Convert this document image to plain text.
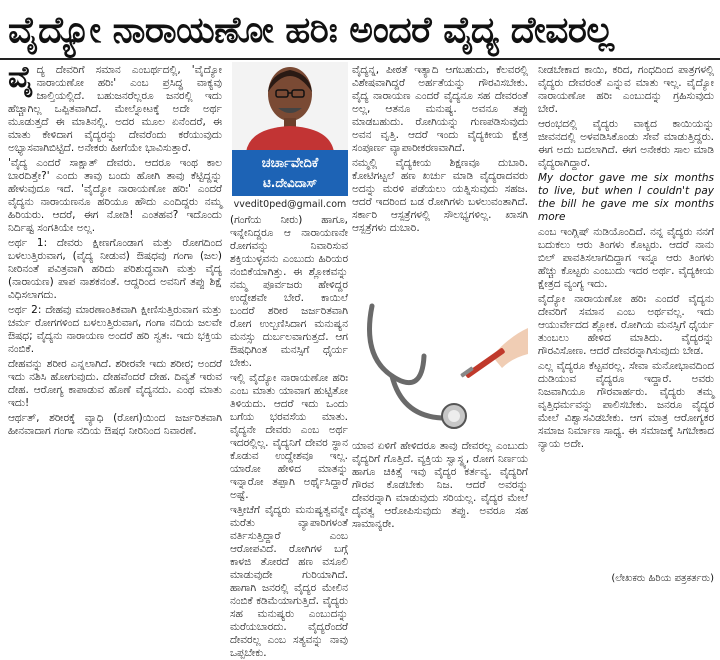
ವೈದ್ಯೋ ನಾರಾಯಣೋ ಹರಿಃ ಅಂದರೆ ವೈದ್ಯ ದೇವರಲ್ಲ
ವೈ ದ್ಯ ದೇವರಿಗೆ ಸಮಾನ ಎಂಬರ್ಥದಲ್ಲಿ, 'ವೈದ್ಯೋ ನಾರಾಯಣೋ ಹರಿಃ' ಎಂಬ ಪ್ರಸಿದ್ಧ ವಾಕ್ಯವು ಜಾಲ್ತಿಯಲ್ಲಿದೆ. ಬಹುಜನರೆಲ್ಲರೂ ಜನರಲ್ಲಿ ಇದು ಹೆಚ್ಚಾಗಿಲ್ಲ ಒಪ್ಪಿತವಾಗಿದೆ. ಮೇಲ್ನೋಟಕ್ಕೆ ಅದೇ ಅರ್ಥ ಮೂಡುತ್ತದೆ ಈ ಮಾತಿನಲ್ಲಿ. ಅದರ ಮೂಲ ಏನೆಂದರೆ, ಈ ಮಾತು ಕೇಳಿದಾಗ ವೈದ್ಯರನ್ನು ದೇವರೆಂದು ಕರೆಯುವುದು ಅಭ್ಯಾಸವಾಗಿಬಿಟ್ಟಿದೆ. ಅನೇಕರು ಹೀಗೆಯೇ ಭಾವಿಸುತ್ತಾರೆ.

'ವೈದ್ಯ ಎಂದರೆ ಸಾಕ್ಷಾತ್ ದೇವರು. ಆದರೂ ಇಂಥ ಕಾಲ ಬಾರದಿತ್ತೇ?' ಎಂದು ತಾವು ಬಂದು ಹೋಗಿ ತಾವು ಕೆಟ್ಟಿದ್ದನ್ನು ಹೇಳುವುದೂ ಇದೆ. 'ವೈದ್ಯೋ ನಾರಾಯಣೋ ಹರಿಃ' ಎಂದರೆ ವೈದ್ಯನು ನಾರಾಯಣನೂ ಹರಿಯೂ ಹೌದು ಎಂದಿದ್ದರು ನಮ್ಮ ಹಿರಿಯರು. ಆದರೆ, ಈಗ ನೋಡಿ! ಎಂತಹವ? ಇದೊಂದು ನಿರ್ದಿಷ್ಟ ಸಂಗತಿಯೇ ಅಲ್ಲ.

ಅರ್ಥ 1: ದೇವರು ಕ್ಷೀಣಗೊಂಡಾಗ ಮತ್ತು ರೋಗದಿಂದ ಬಳಲುತ್ತಿರುವಾಗ, (ವೈದ್ಯ ನೀಡುವ) ಔಷಧವು ಗಂಗಾ (ಜಲ) ನೀರಿನಂತೆ ಪವಿತ್ರವಾಗಿ ಹರಿದು ಪರಿಶುದ್ಧವಾಗಿ ಮತ್ತು ವೈದ್ಯ (ನಾರಾಯಣ) ಪಾಪ ನಾಶಕನಂತೆ. ಆದ್ದರಿಂದ ಅವನಿಗೆ ತಪ್ಪು ಶಿಕ್ಷೆ ವಿಧಿಸಲಾಗದು.

ಅರ್ಥ 2: ದೇಹವು ಮಾರಣಾಂತಿಕವಾಗಿ ಕ್ಷೀಣಿಸುತ್ತಿರುವಾಗ ಮತ್ತು ಚರ್ಮ ರೋಗಗಳಿಂದ ಬಳಲುತ್ತಿರುವಾಗ, ಗಂಗಾ ನದಿಯ ಜಲವೇ ಔಷಧ; ವೈದ್ಯನು ನಾರಾಯಣ ಅಂದರೆ ಹರಿ ಸ್ವತಃ. ಇದು ಭಕ್ತಿಯ ನಂಬಿಕೆ.

ದೇಹವನ್ನು ಶರೀರ ಎನ್ನಲಾಗಿದೆ. ಶರೀರವೇ ಇದು ಶರೀರ; ಅಂದರೆ ಇದು ನಶಿಸಿ ಹೋಗುವುದು. ದೇಹವೆಂದರೆ ದೇಹ. ದಿವ್ಯತೆ ಇರುವ ದೇಹ. ಆರೋಗ್ಯ ಕಾಪಾಡುವ ಹೊಣೆ ವೈದ್ಯನದು. ಎಂಥ ಮಾತು ಇದು!

ಆರ್ಥತ್, ಶರೀರಕ್ಕೆ ವ್ಯಾಧಿ (ರೋಗ)ಯಿಂದ ಜರ್ಜರಿತವಾಗಿ ಹೀನವಾದಾಗ ಗಂಗಾ ನದಿಯ ಔಷಧ ನೀರಿನಿಂದ ನಿವಾರಣೆ.

ಚರ್ಚಾವೇದಿಕೆ
ಟಿ.ದೇವಿದಾಸ್
vvedit0ped@gmail.com

(ಗಂಗೆಯ ನೀರು) ಹಾಗೂ, ಇನ್ನೇನಿದ್ದರೂ ಆ ನಾರಾಯಣನೇ ರೋಗವನ್ನು ನಿವಾರಿಸುವ ಶಕ್ತಿಯುಳ್ಳವನು ಎಂಬುದು ಹಿರಿಯರ ನಂಬಿಕೆಯಾಗಿತ್ತು. ಈ ಶ್ಲೋಕವನ್ನು ನಮ್ಮ ಪೂರ್ವಜರು ಹೇಳಿದ್ದರ ಉದ್ದೇಶವೇ ಬೇರೆ. ಕಾಯಿಲೆ ಬಂದರೆ ಶರೀರ ಜರ್ಜರಿತವಾಗಿ ರೋಗ ಉಲ್ಬಣಿಸಿದಾಗ ಮನುಷ್ಯನ ಮನಸ್ಸು ದುರ್ಬಲವಾಗುತ್ತದೆ. ಆಗ ಔಷಧಿಗಿಂತ ಮನಸ್ಸಿಗೆ ಧೈರ್ಯ ಬೇಕು.

ಇಲ್ಲಿ ವೈದ್ಯೋ ನಾರಾಯಣೋ ಹರಿಃ ಎಂಬ ಮಾತು ಯಾವಾಗ ಹುಟ್ಟಿತೋ ತಿಳಿಯದು. ಆದರೆ ಇದು ಒಂದು ಬಗೆಯ ಭರವಸೆಯ ಮಾತು. ವೈದ್ಯನೇ ದೇವರು ಎಂಬ ಅರ್ಥ ಇದರಲ್ಲಿಲ್ಲ. ವೈದ್ಯನಿಗೆ ದೇವರ ಸ್ಥಾನ ಕೊಡುವ ಉದ್ದೇಶವೂ ಇಲ್ಲ. ಯಾರೋ ಹೇಳಿದ ಮಾತನ್ನು ಇನ್ನಾರೋ ತಪ್ಪಾಗಿ ಅರ್ಥೈಸಿದ್ದಾರೆ ಅಷ್ಟೆ.

ಇತ್ತೀಚೆಗೆ ವೈದ್ಯರು ಮನುಷ್ಯತ್ವವನ್ನೇ ಮರೆತು ವ್ಯಾಪಾರಿಗಳಂತೆ ವರ್ತಿಸುತ್ತಿದ್ದಾರೆ ಎಂಬ ಆರೋಪವಿದೆ. ರೋಗಿಗಳ ಬಗ್ಗೆ ಕಾಳಜಿ ತೋರದೆ ಹಣ ವಸೂಲಿ ಮಾಡುವುದೇ ಗುರಿಯಾಗಿದೆ. ಹಾಗಾಗಿ ಜನರಲ್ಲಿ ವೈದ್ಯರ ಮೇಲಿನ ನಂಬಿಕೆ ಕಡಿಮೆಯಾಗುತ್ತಿದೆ. ವೈದ್ಯರು ಸಹ ಮನುಷ್ಯರು ಎಂಬುದನ್ನು ಮರೆಯಬಾರದು. ವೈದ್ಯರೆಂದರೆ ದೇವರಲ್ಲ ಎಂಬ ಸತ್ಯವನ್ನು ನಾವು ಒಪ್ಪಬೇಕು.

ವೈದ್ಯನ್ನ, ಪೀಠತೆ ಇತ್ಯಾದಿ ಆಗಬಹುದು, ಕೆಲವರಲ್ಲಿ ವಿಶೇಷವಾಗಿದ್ದರೆ ಅರ್ಹತೆಯನ್ನು ಗೌರವಿಸಬೇಕು. ವೈದ್ಯ ನಾರಾಯಣ ಎಂದರೆ ವೈದ್ಯನೂ ಸಹ ದೇವರಂತೆ ಅಲ್ಲ, ಆತನೂ ಮನುಷ್ಯ. ಅವನೂ ತಪ್ಪು ಮಾಡಬಹುದು. ರೋಗಿಯನ್ನು ಗುಣಪಡಿಸುವುದು ಅವನ ವೃತ್ತಿ. ಆದರೆ ಇಂದು ವೈದ್ಯಕೀಯ ಕ್ಷೇತ್ರ ಸಂಪೂರ್ಣ ವ್ಯಾಪಾರೀಕರಣವಾಗಿದೆ.

ನಮ್ಮಲ್ಲಿ ವೈದ್ಯಕೀಯ ಶಿಕ್ಷಣವೂ ದುಬಾರಿ. ಕೋಟಿಗಟ್ಟಲೆ ಹಣ ಖರ್ಚು ಮಾಡಿ ವೈದ್ಯರಾದವರು ಅದನ್ನು ಮರಳಿ ಪಡೆಯಲು ಯತ್ನಿಸುವುದು ಸಹಜ. ಆದರೆ ಇದರಿಂದ ಬಡ ರೋಗಿಗಳು ಬಳಲುವಂತಾಗಿದೆ. ಸರ್ಕಾರಿ ಆಸ್ಪತ್ರೆಗಳಲ್ಲಿ ಸೌಲಭ್ಯಗಳಿಲ್ಲ. ಖಾಸಗಿ ಆಸ್ಪತ್ರೆಗಳು ದುಬಾರಿ.

ಯಾವ ಏಳಿಗೆ ಹೇಳಿದರೂ ತಾವು ದೇವರಲ್ಲ ಎಂಬುದು ವೈದ್ಯರಿಗೆ ಗೊತ್ತಿದೆ. ವ್ಯಕ್ತಿಯ ಸ್ವಾಸ್ಥ್ಯ, ರೋಗ ನಿರ್ಣಯ ಹಾಗೂ ಚಿಕಿತ್ಸೆ ಇವು ವೈದ್ಯರ ಕರ್ತವ್ಯ. ವೈದ್ಯರಿಗೆ ಗೌರವ ಕೊಡಬೇಕು ನಿಜ. ಆದರೆ ಅವರನ್ನು ದೇವರನ್ನಾಗಿ ಮಾಡುವುದು ಸರಿಯಲ್ಲ. ವೈದ್ಯರ ಮೇಲೆ ದೈವತ್ವ ಆರೋಪಿಸುವುದು ತಪ್ಪು. ಅವರೂ ಸಹ ಸಾಮಾನ್ಯರೇ.

ನೀಡಬೇಕಾದ ಕಾಯಿ, ಕರಿದ, ಗಂಧದಿಂದ ಪಾತ್ರಗಳಲ್ಲಿ ವೈದ್ಯರು ದೇವರಂತೆ ಎನ್ನುವ ಮಾತು ಇಲ್ಲ. ವೈದ್ಯೋ ನಾರಾಯಣೋ ಹರಿಃ ಎಂಬುದನ್ನು ಗ್ರಹಿಸುವುದು ಬೇರೆ.

ಆರಂಭದಲ್ಲಿ ವೈದ್ಯರು ವಾಕ್ಯದ ಕಾಯಿಯನ್ನು ಜೀವನದಲ್ಲಿ ಅಳವಡಿಸಿಕೊಂಡು ಸೇವೆ ಮಾಡುತ್ತಿದ್ದರು. ಈಗ ಅದು ಬದಲಾಗಿದೆ. ಈಗ ಅನೇಕರು ಸಾಲ ಮಾಡಿ ವೈದ್ಯರಾಗಿದ್ದಾರೆ.

My doctor gave me six months to live, but when I couldn't pay the bill he gave me six months more

ಎಂಬ ಇಂಗ್ಲಿಷ್ ನುಡಿಯೊಂದಿದೆ. ನನ್ನ ವೈದ್ಯರು ನನಗೆ ಬದುಕಲು ಆರು ತಿಂಗಳು ಕೊಟ್ಟರು. ಆದರೆ ನಾನು ಬಿಲ್ ಪಾವತಿಸಲಾಗದಿದ್ದಾಗ ಇನ್ನೂ ಆರು ತಿಂಗಳು ಹೆಚ್ಚು ಕೊಟ್ಟರು ಎಂಬುದು ಇದರ ಅರ್ಥ. ವೈದ್ಯಕೀಯ ಕ್ಷೇತ್ರದ ವ್ಯಂಗ್ಯ ಇದು.

ವೈದ್ಯೋ ನಾರಾಯಣೋ ಹರಿಃ ಎಂದರೆ ವೈದ್ಯನು ದೇವರಿಗೆ ಸಮಾನ ಎಂಬ ಅರ್ಥವಲ್ಲ. ಇದು ಆಯುರ್ವೇದದ ಶ್ಲೋಕ. ರೋಗಿಯ ಮನಸ್ಸಿಗೆ ಧೈರ್ಯ ತುಂಬಲು ಹೇಳಿದ ಮಾತಿದು. ವೈದ್ಯರನ್ನು ಗೌರವಿಸೋಣ. ಆದರೆ ದೇವರನ್ನಾಗಿಸುವುದು ಬೇಡ.

ಎಲ್ಲ ವೈದ್ಯರೂ ಕೆಟ್ಟವರಲ್ಲ. ಸೇವಾ ಮನೋಭಾವದಿಂದ ದುಡಿಯುವ ವೈದ್ಯರೂ ಇದ್ದಾರೆ. ಅವರು ನಿಜವಾಗಿಯೂ ಗೌರವಾರ್ಹರು. ವೈದ್ಯರು ತಮ್ಮ ವೃತ್ತಿಧರ್ಮವನ್ನು ಪಾಲಿಸಬೇಕು. ಜನರೂ ವೈದ್ಯರ ಮೇಲೆ ವಿಶ್ವಾಸವಿಡಬೇಕು. ಆಗ ಮಾತ್ರ ಆರೋಗ್ಯಕರ ಸಮಾಜ ನಿರ್ಮಾಣ ಸಾಧ್ಯ. ಈ ಸಮಾಜಕ್ಕೆ ಸಿಗಬೇಕಾದ ನ್ಯಾಯ ಅದೇ.

(ಲೇಖಕರು ಹಿರಿಯ ಪತ್ರಕರ್ತರು)
